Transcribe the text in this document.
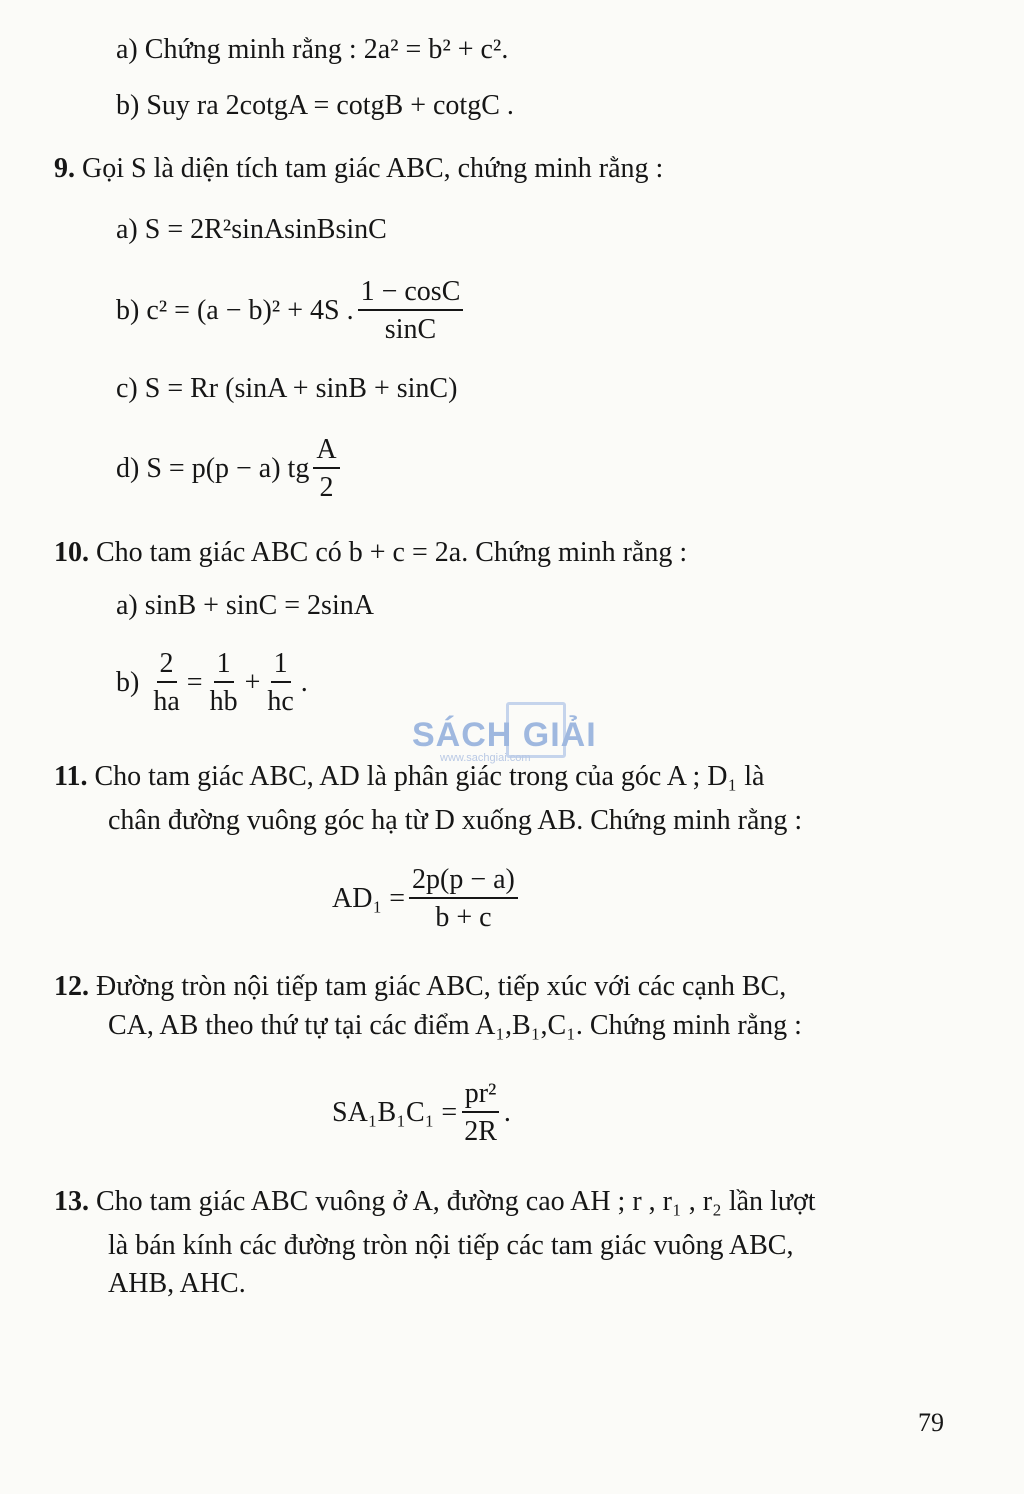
a) Chứng minh rằng : 2a² = b² + c².
b) Suy ra 2cotgA = cotgB + cotgC .
9. Gọi S là diện tích tam giác ABC, chứng minh rằng :
a) S = 2R²sinAsinBsinC
b)
c² = (a − b)² + 4S . $\frac{1 - \cos C}{\sin C}$
c) S = Rr (sinA + sinB + sinC)
d)
S = p(p − a) tg $\frac{A}{2}$
10. Cho tam giác ABC có b + c = 2a. Chứng minh rằng :
a) sinB + sinC = 2sinA
b)
$\frac{2}{ha} = \frac{1}{hb} + \frac{1}{hc}$ .
SÁCH GIẢI
www.sachgiai.com
11. Cho tam giác ABC, AD là phân giác trong của góc A ; D₁ là
chân đường vuông góc hạ từ D xuống AB. Chứng minh rằng :
$AD_1 = \frac{2p(p - a)}{b + c}$
12. Đường tròn nội tiếp tam giác ABC, tiếp xúc với các cạnh BC,
CA, AB theo thứ tự tại các điểm A₁,B₁,C₁. Chứng minh rằng :
$SA_1B_1C_1 = \frac{\text{pr²}}{2R}$ .
13. Cho tam giác ABC vuông ở A, đường cao AH ; r , r₁ , r₂ lần lượt
là bán kính các đường tròn nội tiếp các tam giác vuông ABC,
AHB, AHC.
79
